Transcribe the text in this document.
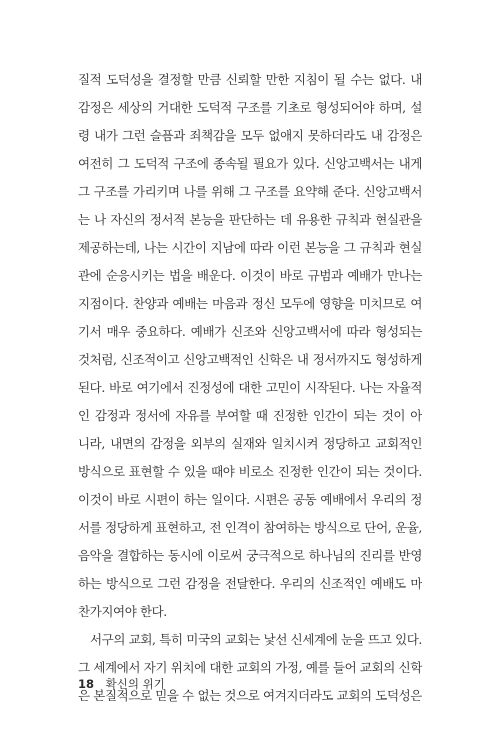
질적 도덕성을 결정할 만큼 신뢰할 만한 지침이 될 수는 없다. 내
감정은 세상의 거대한 도덕적 구조를 기초로 형성되어야 하며, 설
령 내가 그런 슬픔과 죄책감을 모두 없애지 못하더라도 내 감정은
여전히 그 도덕적 구조에 종속될 필요가 있다. 신앙고백서는 내게
그 구조를 가리키며 나를 위해 그 구조를 요약해 준다. 신앙고백서
는 나 자신의 정서적 본능을 판단하는 데 유용한 규칙과 현실관을
제공하는데, 나는 시간이 지남에 따라 이런 본능을 그 규칙과 현실
관에 순응시키는 법을 배운다. 이것이 바로 규범과 예배가 만나는
지점이다. 찬양과 예배는 마음과 정신 모두에 영향을 미치므로 여
기서 매우 중요하다. 예배가 신조와 신앙고백서에 따라 형성되는
것처럼, 신조적이고 신앙고백적인 신학은 내 정서까지도 형성하게
된다. 바로 여기에서 진정성에 대한 고민이 시작된다. 나는 자율적
인 감정과 정서에 자유를 부여할 때 진정한 인간이 되는 것이 아
니라, 내면의 감정을 외부의 실재와 일치시켜 정당하고 교회적인
방식으로 표현할 수 있을 때야 비로소 진정한 인간이 되는 것이다.
이것이 바로 시편이 하는 일이다. 시편은 공동 예배에서 우리의 정
서를 정당하게 표현하고, 전 인격이 참여하는 방식으로 단어, 운율,
음악을 결합하는 동시에 이로써 궁극적으로 하나님의 진리를 반영
하는 방식으로 그런 감정을 전달한다. 우리의 신조적인 예배도 마
찬가지여야 한다.
서구의 교회, 특히 미국의 교회는 낯선 신세계에 눈을 뜨고 있다.
그 세계에서 자기 위치에 대한 교회의 가정, 예를 들어 교회의 신학
은 본질적으로 믿을 수 없는 것으로 여겨지더라도 교회의 도덕성은
18 확신의 위기
